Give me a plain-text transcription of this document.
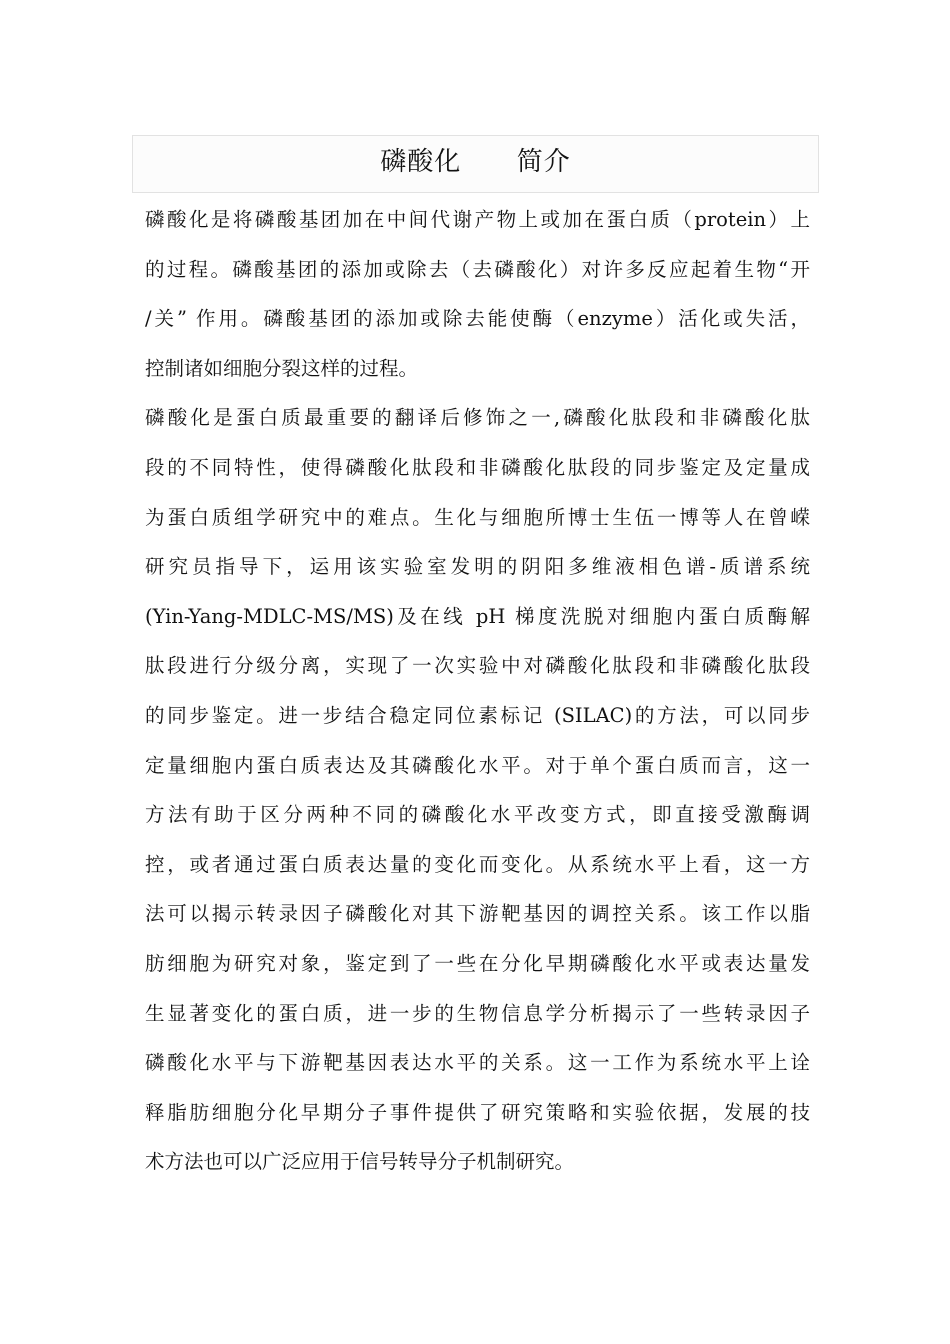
磷酸化      简介
磷酸化是将磷酸基团加在中间代谢产物上或加在蛋白质（protein）上
的过程。磷酸基团的添加或除去（去磷酸化）对许多反应起着生物“开
/关” 作用。磷酸基团的添加或除去能使酶（enzyme）活化或失活，
控制诸如细胞分裂这样的过程。
磷酸化是蛋白质最重要的翻译后修饰之一,磷酸化肽段和非磷酸化肽
段的不同特性，使得磷酸化肽段和非磷酸化肽段的同步鉴定及定量成
为蛋白质组学研究中的难点。生化与细胞所博士生伍一博等人在曾嵘
研究员指导下，运用该实验室发明的阴阳多维液相色谱-质谱系统
(Yin-Yang-MDLC-MS/MS)及在线 pH 梯度洗脱对细胞内蛋白质酶解
肽段进行分级分离，实现了一次实验中对磷酸化肽段和非磷酸化肽段
的同步鉴定。进一步结合稳定同位素标记 (SILAC)的方法，可以同步
定量细胞内蛋白质表达及其磷酸化水平。对于单个蛋白质而言，这一
方法有助于区分两种不同的磷酸化水平改变方式，即直接受激酶调
控，或者通过蛋白质表达量的变化而变化。从系统水平上看，这一方
法可以揭示转录因子磷酸化对其下游靶基因的调控关系。该工作以脂
肪细胞为研究对象，鉴定到了一些在分化早期磷酸化水平或表达量发
生显著变化的蛋白质，进一步的生物信息学分析揭示了一些转录因子
磷酸化水平与下游靶基因表达水平的关系。这一工作为系统水平上诠
释脂肪细胞分化早期分子事件提供了研究策略和实验依据，发展的技
术方法也可以广泛应用于信号转导分子机制研究。
